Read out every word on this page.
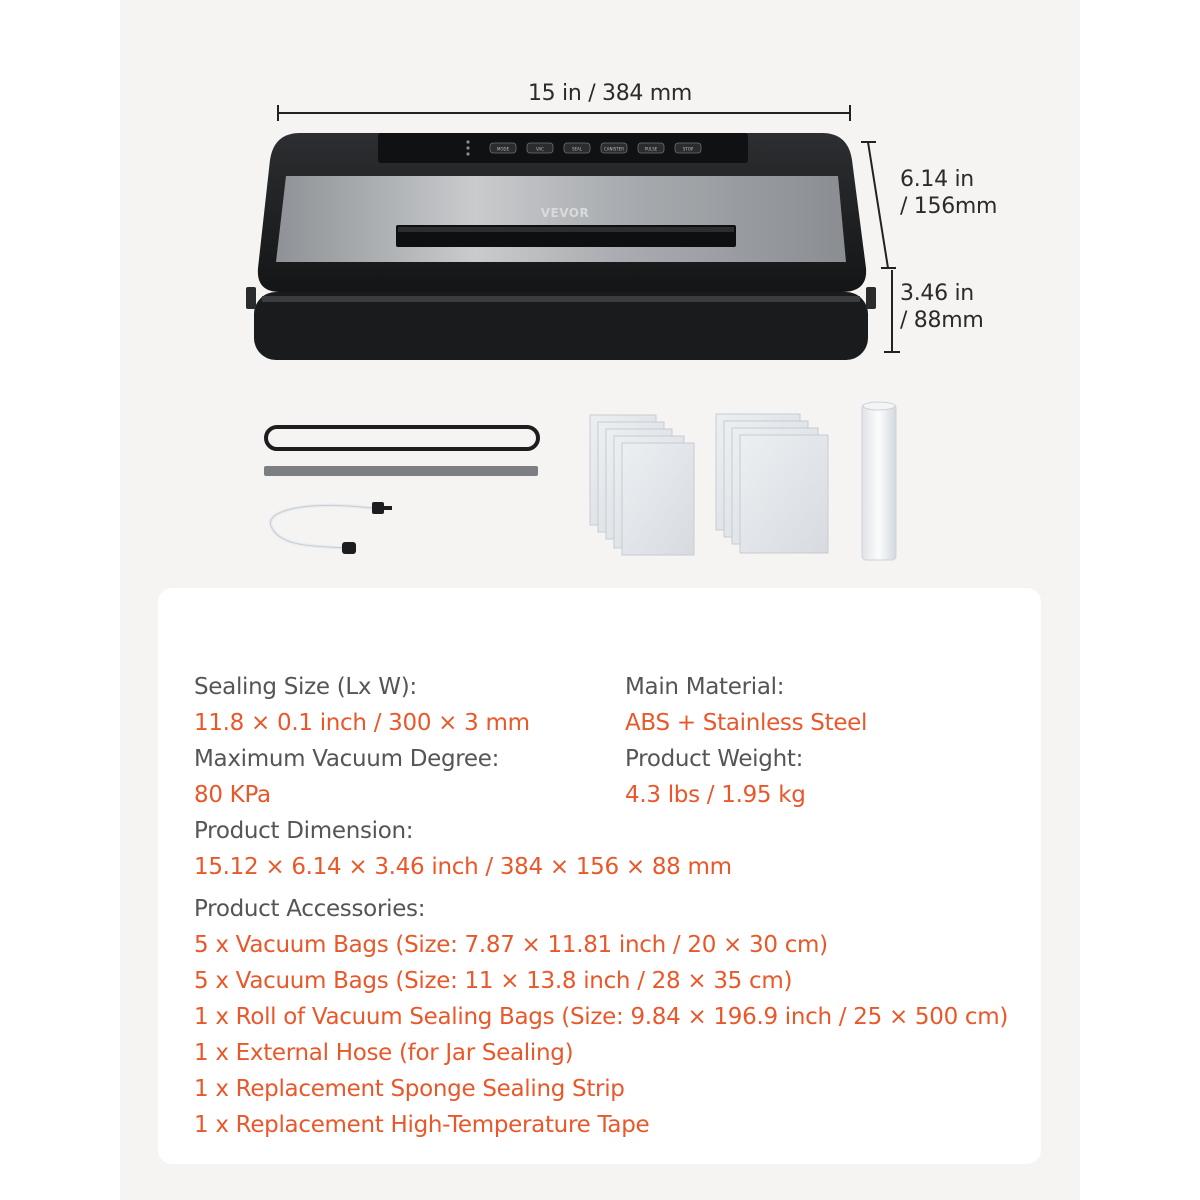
VEVOR
MODE	VAC	SEAL	CANISTER	PULSE	STOP
15 in / 384 mm
6.14 in
/ 156mm
3.46 in
/ 88mm
Sealing Size (Lx W):
11.8 × 0.1 inch / 300 × 3 mm
Main Material:
ABS + Stainless Steel
Maximum Vacuum Degree:
80 KPa
Product Weight:
4.3 lbs / 1.95 kg
Product Dimension:
15.12 × 6.14 × 3.46 inch / 384 × 156 × 88 mm
Product Accessories:
5 x Vacuum Bags (Size: 7.87 × 11.81 inch / 20 × 30 cm)
5 x Vacuum Bags (Size: 11 × 13.8 inch / 28 × 35 cm)
1 x Roll of Vacuum Sealing Bags (Size: 9.84 × 196.9 inch / 25 × 500 cm)
1 x External Hose (for Jar Sealing)
1 x Replacement Sponge Sealing Strip
1 x Replacement High-Temperature Tape
